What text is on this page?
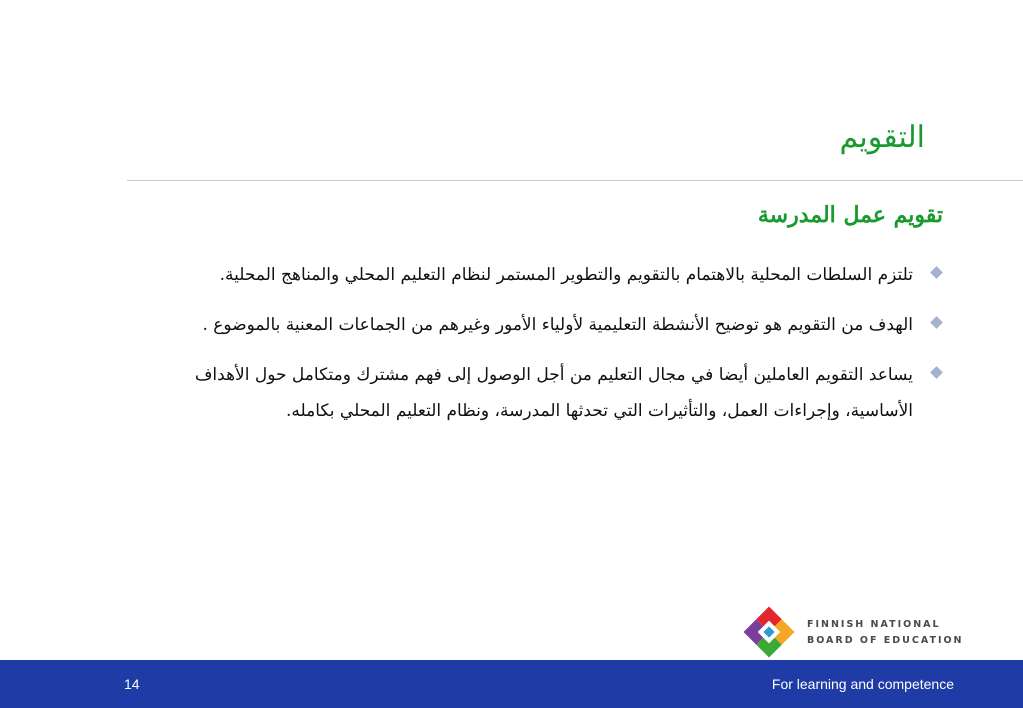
التقويم
تقويم عمل المدرسة
تلتزم السلطات المحلية بالاهتمام بالتقويم والتطوير المستمر لنظام التعليم المحلي والمناهج المحلية.
الهدف من التقويم هو توضيح الأنشطة التعليمية لأولياء الأمور وغيرهم من الجماعات المعنية بالموضوع .
يساعد التقويم العاملين أيضا في مجال التعليم من أجل الوصول إلى فهم مشترك ومتكامل حول الأهداف الأساسية، وإجراءات العمل، والتأثيرات التي تحدثها المدرسة، ونظام التعليم المحلي بكامله.
FINNISH NATIONAL
BOARD OF EDUCATION
14	For learning and competence
